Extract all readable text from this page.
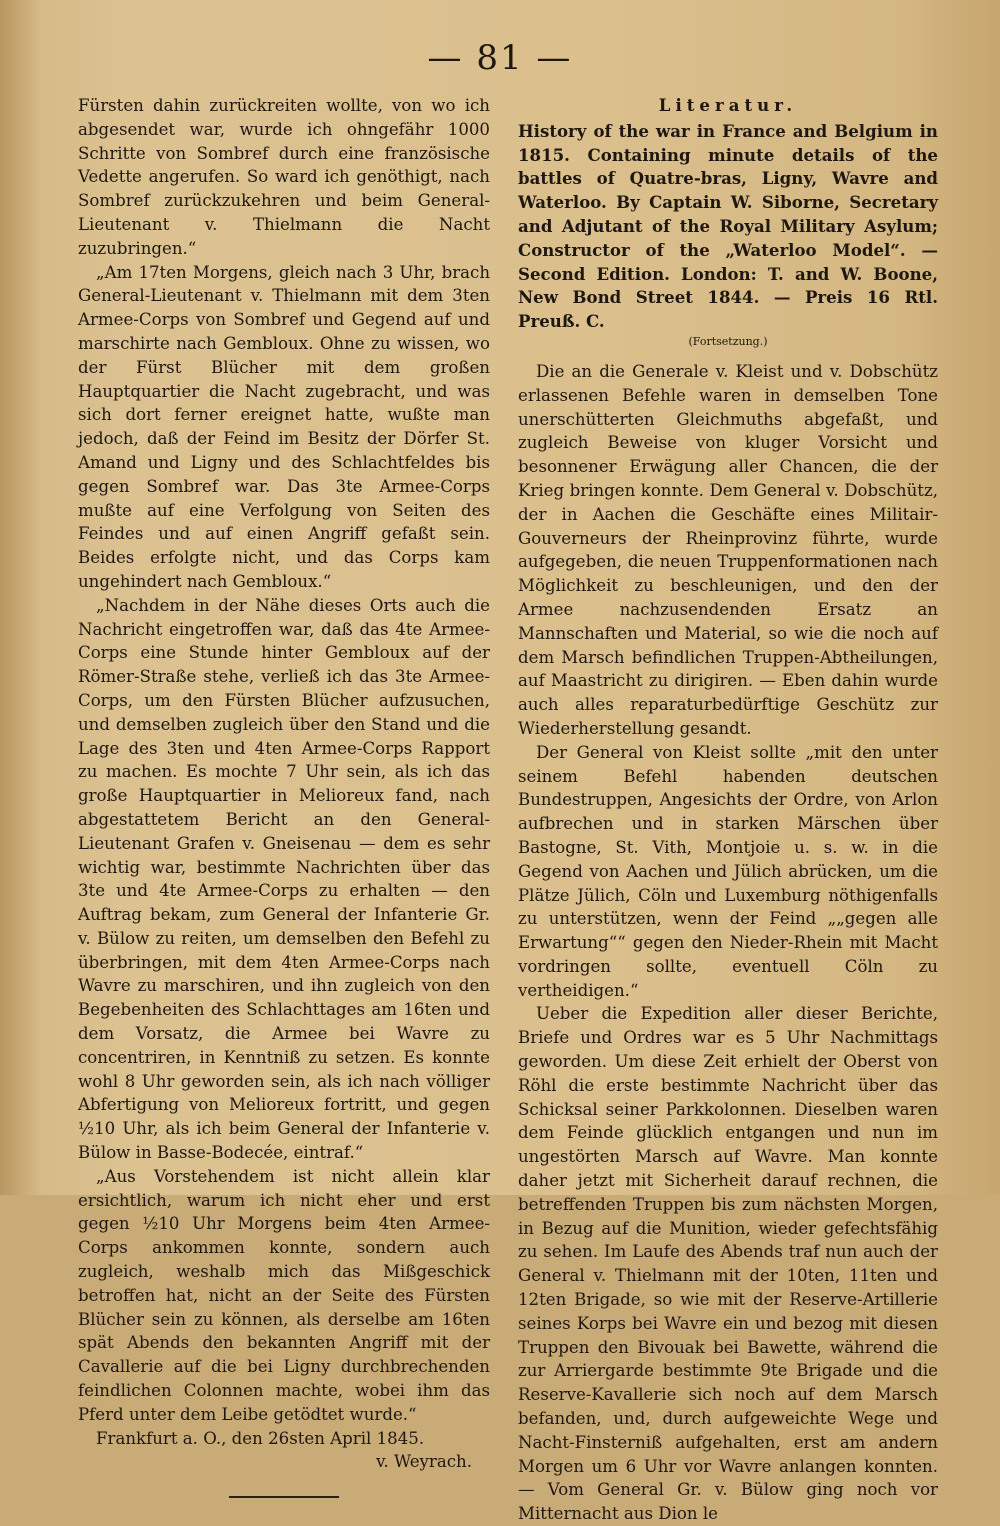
— 81 —

Fürsten dahin zurückreiten wollte, von wo ich abgesendet war, wurde ich ohngefähr 1000 Schritte von Sombref durch eine französische Vedette angerufen. So ward ich genöthigt, nach Sombref zurückzukehren und beim General-Lieutenant v. Thielmann die Nacht zuzubringen.“

„Am 17ten Morgens, gleich nach 3 Uhr, brach General-Lieutenant v. Thielmann mit dem 3ten Armee-Corps von Sombref und Gegend auf und marschirte nach Gembloux. Ohne zu wissen, wo der Fürst Blücher mit dem großen Hauptquartier die Nacht zugebracht, und was sich dort ferner ereignet hatte, wußte man jedoch, daß der Feind im Besitz der Dörfer St. Amand und Ligny und des Schlachtfeldes bis gegen Sombref war. Das 3te Armee-Corps mußte auf eine Verfolgung von Seiten des Feindes und auf einen Angriff gefaßt sein. Beides erfolgte nicht, und das Corps kam ungehindert nach Gembloux.“

„Nachdem in der Nähe dieses Orts auch die Nachricht eingetroffen war, daß das 4te Armee-Corps eine Stunde hinter Gembloux auf der Römer-Straße stehe, verließ ich das 3te Armee-Corps, um den Fürsten Blücher aufzusuchen, und demselben zugleich über den Stand und die Lage des 3ten und 4ten Armee-Corps Rapport zu machen. Es mochte 7 Uhr sein, als ich das große Hauptquartier in Melioreux fand, nach abgestattetem Bericht an den General-Lieutenant Grafen v. Gneisenau — dem es sehr wichtig war, bestimmte Nachrichten über das 3te und 4te Armee-Corps zu erhalten — den Auftrag bekam, zum General der Infanterie Gr. v. Bülow zu reiten, um demselben den Befehl zu überbringen, mit dem 4ten Armee-Corps nach Wavre zu marschiren, und ihn zugleich von den Begebenheiten des Schlachttages am 16ten und dem Vorsatz, die Armee bei Wavre zu concentriren, in Kenntniß zu setzen. Es konnte wohl 8 Uhr geworden sein, als ich nach völliger Abfertigung von Melioreux fortritt, und gegen ½10 Uhr, als ich beim General der Infanterie v. Bülow in Basse-Bodecée, eintraf.“

„Aus Vorstehendem ist nicht allein klar ersichtlich, warum ich nicht eher und erst gegen ½10 Uhr Morgens beim 4ten Armee-Corps ankommen konnte, sondern auch zugleich, weshalb mich das Mißgeschick betroffen hat, nicht an der Seite des Fürsten Blücher sein zu können, als derselbe am 16ten spät Abends den bekannten Angriff mit der Cavallerie auf die bei Ligny durchbrechenden feindlichen Colonnen machte, wobei ihm das Pferd unter dem Leibe getödtet wurde.“

Frankfurt a. O., den 26sten April 1845.

v. Weyrach.

Literatur.

History of the war in France and Belgium in 1815. Containing minute details of the battles of Quatre-bras, Ligny, Wavre and Waterloo. By Captain W. Siborne, Secretary and Adjutant of the Royal Military Asylum; Constructor of the „Waterloo Model“. — Second Edition. London: T. and W. Boone, New Bond Street 1844. — Preis 16 Rtl. Preuß. C.

(Fortsetzung.)

Die an die Generale v. Kleist und v. Dobschütz erlassenen Befehle waren in demselben Tone unerschütterten Gleichmuths abgefaßt, und zugleich Beweise von kluger Vorsicht und besonnener Erwägung aller Chancen, die der Krieg bringen konnte. Dem General v. Dobschütz, der in Aachen die Geschäfte eines Militair-Gouverneurs der Rheinprovinz führte, wurde aufgegeben, die neuen Truppenformationen nach Möglichkeit zu beschleunigen, und den der Armee nachzusendenden Ersatz an Mannschaften und Material, so wie die noch auf dem Marsch befindlichen Truppen-Abtheilungen, auf Maastricht zu dirigiren. — Eben dahin wurde auch alles reparaturbedürftige Geschütz zur Wiederherstellung gesandt.

Der General von Kleist sollte „mit den unter seinem Befehl habenden deutschen Bundestruppen, Angesichts der Ordre, von Arlon aufbrechen und in starken Märschen über Bastogne, St. Vith, Montjoie u. s. w. in die Gegend von Aachen und Jülich abrücken, um die Plätze Jülich, Cöln und Luxemburg nöthigenfalls zu unterstützen, wenn der Feind „„gegen alle Erwartung““ gegen den Nieder-Rhein mit Macht vordringen sollte, eventuell Cöln zu vertheidigen.“

Ueber die Expedition aller dieser Berichte, Briefe und Ordres war es 5 Uhr Nachmittags geworden. Um diese Zeit erhielt der Oberst von Röhl die erste bestimmte Nachricht über das Schicksal seiner Parkkolonnen. Dieselben waren dem Feinde glücklich entgangen und nun im ungestörten Marsch auf Wavre. Man konnte daher jetzt mit Sicherheit darauf rechnen, die betreffenden Truppen bis zum nächsten Morgen, in Bezug auf die Munition, wieder gefechtsfähig zu sehen. Im Laufe des Abends traf nun auch der General v. Thielmann mit der 10ten, 11ten und 12ten Brigade, so wie mit der Reserve-Artillerie seines Korps bei Wavre ein und bezog mit diesen Truppen den Bivouak bei Bawette, während die zur Arriergarde bestimmte 9te Brigade und die Reserve-Kavallerie sich noch auf dem Marsch befanden, und, durch aufgeweichte Wege und Nacht-Finsterniß aufgehalten, erst am andern Morgen um 6 Uhr vor Wavre anlangen konnten. — Vom General Gr. v. Bülow ging noch vor Mitternacht aus Dion le
